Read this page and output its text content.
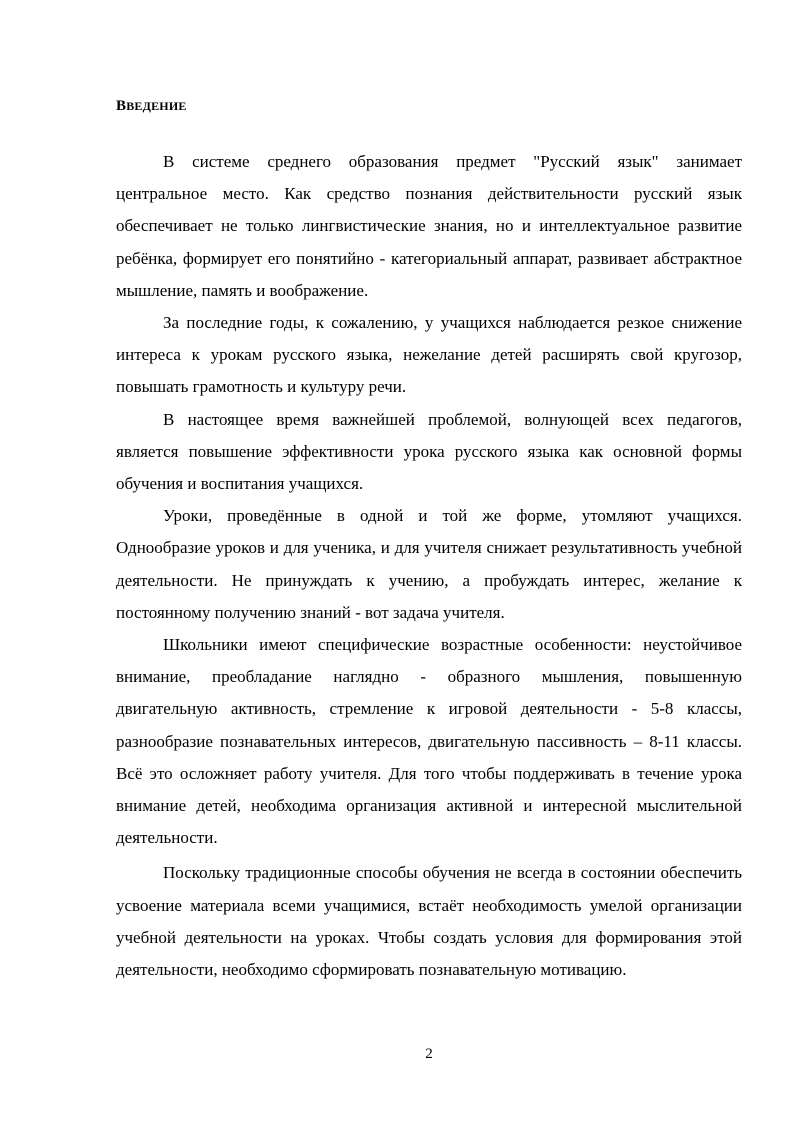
ВВЕДЕНИЕ

В системе среднего образования предмет "Русский язык" занимает центральное место. Как средство познания действительности русский язык обеспечивает не только лингвистические знания, но и интеллектуальное развитие ребёнка, формирует его понятийно - категориальный аппарат, развивает абстрактное мышление, память и воображение.

За последние годы, к сожалению, у учащихся наблюдается резкое снижение интереса к урокам русского языка, нежелание детей расширять свой кругозор, повышать грамотность и культуру речи.

В настоящее время важнейшей проблемой, волнующей всех педагогов, является повышение эффективности урока русского языка как основной формы обучения и воспитания учащихся.

Уроки, проведённые в одной и той же форме, утомляют учащихся. Однообразие уроков и для ученика, и для учителя снижает результативность учебной деятельности. Не принуждать к учению, а пробуждать интерес, желание к постоянному получению знаний - вот задача учителя.

Школьники имеют специфические возрастные особенности: неустойчивое внимание, преобладание наглядно - образного мышления, повышенную двигательную активность, стремление к игровой деятельности - 5-8 классы, разнообразие познавательных интересов, двигательную пассивность – 8-11 классы. Всё это осложняет работу учителя. Для того чтобы поддерживать в течение урока внимание детей, необходима организация активной и интересной мыслительной деятельности.

Поскольку традиционные способы обучения не всегда в состоянии обеспечить усвоение материала всеми учащимися, встаёт необходимость умелой организации учебной деятельности на уроках. Чтобы создать условия для формирования этой деятельности, необходимо сформировать познавательную мотивацию.

2
